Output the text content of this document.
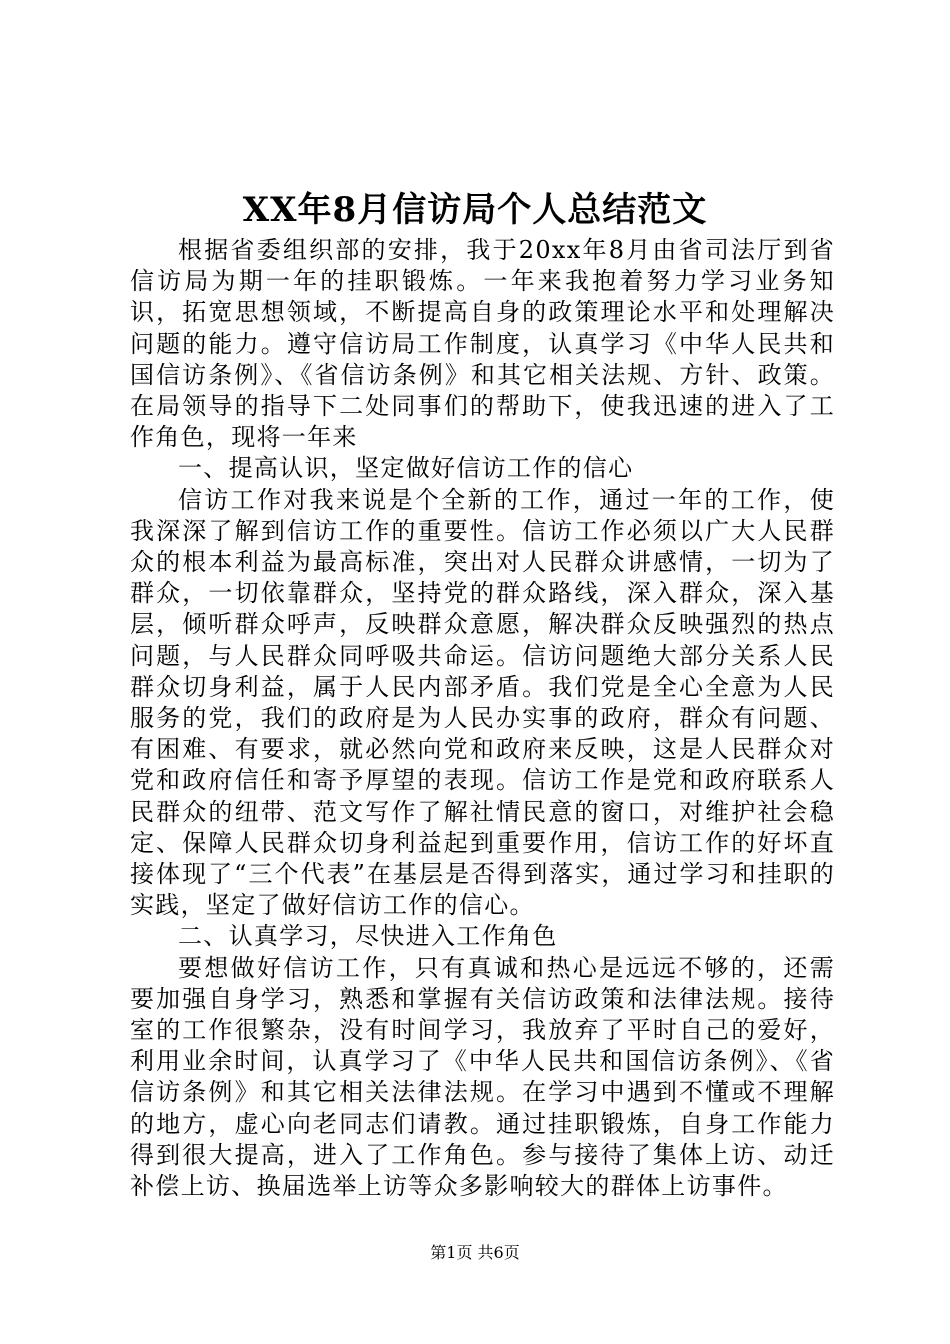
XX年8月信访局个人总结范文

根据省委组织部的安排，我于20xx年8月由省司法厅到省信访局为期一年的挂职锻炼。一年来我抱着努力学习业务知识，拓宽思想领域，不断提高自身的政策理论水平和处理解决问题的能力。遵守信访局工作制度，认真学习《中华人民共和国信访条例》、《省信访条例》和其它相关法规、方针、政策。在局领导的指导下二处同事们的帮助下，使我迅速的进入了工作角色，现将一年来

一、提高认识，坚定做好信访工作的信心

信访工作对我来说是个全新的工作，通过一年的工作，使我深深了解到信访工作的重要性。信访工作必须以广大人民群众的根本利益为最高标准，突出对人民群众讲感情，一切为了群众，一切依靠群众，坚持党的群众路线，深入群众，深入基层，倾听群众呼声，反映群众意愿，解决群众反映强烈的热点问题，与人民群众同呼吸共命运。信访问题绝大部分关系人民群众切身利益，属于人民内部矛盾。我们党是全心全意为人民服务的党，我们的政府是为人民办实事的政府，群众有问题、有困难、有要求，就必然向党和政府来反映，这是人民群众对党和政府信任和寄予厚望的表现。信访工作是党和政府联系人民群众的纽带、范文写作了解社情民意的窗口，对维护社会稳定、保障人民群众切身利益起到重要作用，信访工作的好坏直接体现了“三个代表”在基层是否得到落实，通过学习和挂职的实践，坚定了做好信访工作的信心。

二、认真学习，尽快进入工作角色

要想做好信访工作，只有真诚和热心是远远不够的，还需要加强自身学习，熟悉和掌握有关信访政策和法律法规。接待室的工作很繁杂，没有时间学习，我放弃了平时自己的爱好，利用业余时间，认真学习了《中华人民共和国信访条例》、《省信访条例》和其它相关法律法规。在学习中遇到不懂或不理解的地方，虚心向老同志们请教。通过挂职锻炼，自身工作能力得到很大提高，进入了工作角色。参与接待了集体上访、动迁补偿上访、换届选举上访等众多影响较大的群体上访事件。

第1页 共6页
